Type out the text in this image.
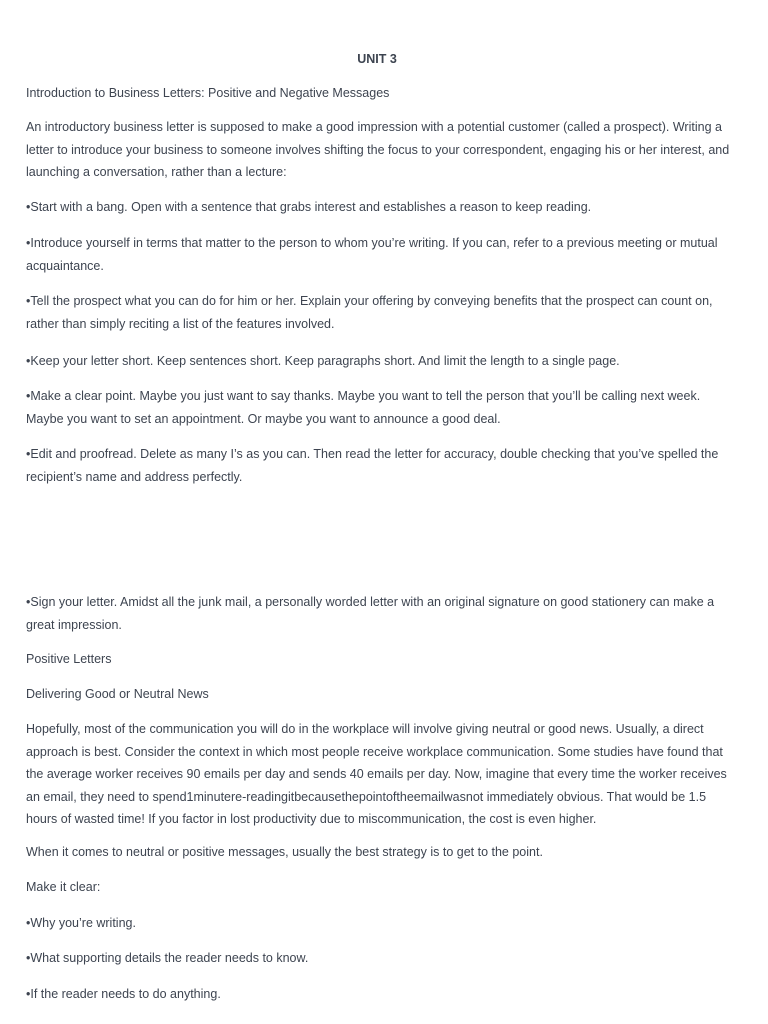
UNIT 3

Introduction to Business Letters: Positive and Negative Messages

An introductory business letter is supposed to make a good impression with a potential customer (called a prospect). Writing a letter to introduce your business to someone involves shifting the focus to your correspondent, engaging his or her interest, and launching a conversation, rather than a lecture:

•Start with a bang. Open with a sentence that grabs interest and establishes a reason to keep reading.

•Introduce yourself in terms that matter to the person to whom you’re writing. If you can, refer to a previous meeting or mutual acquaintance.

•Tell the prospect what you can do for him or her. Explain your offering by conveying benefits that the prospect can count on, rather than simply reciting a list of the features involved.

•Keep your letter short. Keep sentences short. Keep paragraphs short. And limit the length to a single page.

•Make a clear point. Maybe you just want to say thanks. Maybe you want to tell the person that you’ll be calling next week. Maybe you want to set an appointment. Or maybe you want to announce a good deal.

•Edit and proofread. Delete as many I’s as you can. Then read the letter for accuracy, double checking that you’ve spelled the recipient’s name and address perfectly.

•Sign your letter. Amidst all the junk mail, a personally worded letter with an original signature on good stationery can make a great impression.

Positive Letters

Delivering Good or Neutral News

Hopefully, most of the communication you will do in the workplace will involve giving neutral or good news. Usually, a direct approach is best. Consider the context in which most people receive workplace communication. Some studies have found that the average worker receives 90 emails per day and sends 40 emails per day. Now, imagine that every time the worker receives an email, they need to spend1minutere-readingitbecausethepointoftheemailwasnot immediately obvious. That would be 1.5 hours of wasted time! If you factor in lost productivity due to miscommunication, the cost is even higher.

When it comes to neutral or positive messages, usually the best strategy is to get to the point.

Make it clear:

•Why you’re writing.

•What supporting details the reader needs to know.

•If the reader needs to do anything.
